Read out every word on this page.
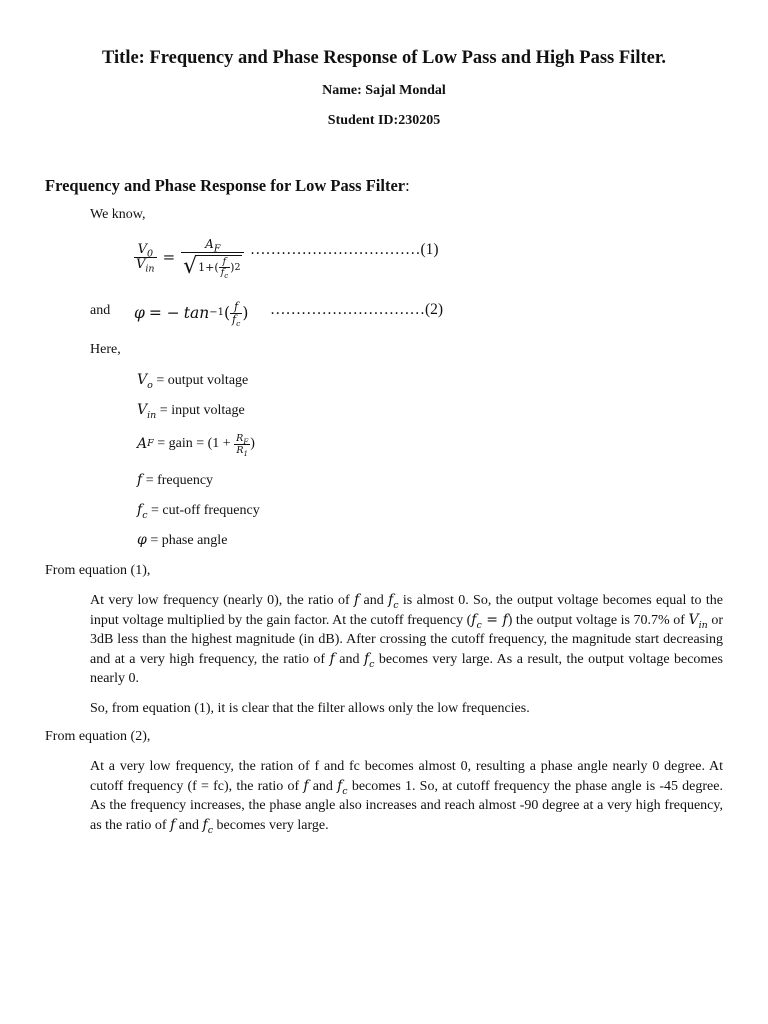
Title: Frequency and Phase Response of Low Pass and High Pass Filter.
Name: Sajal Mondal
Student ID:230205
Frequency and Phase Response for Low Pass Filter:
We know,
$\frac{V_0}{V_{in}}$ =
$A_F$
√ $1+( \frac{f}{f_c}$ ) 2
……………………………(1)
and φ = − tan −1 ( $\frac{f}{f_c}$ ) …………………………(2)
Here,
$V_o$ = output voltage
$V_{in}$ = input voltage
A F = gain = ($1 + \frac{R_F}{R_1}$ )
f = frequency
$f_c = cut-off$ frequency
φ = phase angle
From equation (1),
At very low frequency (nearly 0), the ratio of f and $f_c$ is almost 0. So, the output voltage becomes equal to the input voltage multiplied by the gain factor. At the cutoff frequency $(f_c = f)$ the output voltage is 70.7% of $V_{in}$ or 3dB less than the highest magnitude (in dB). After crossing the cutoff frequency, the magnitude start decreasing and at a very high frequency, the ratio of f and $f_c$ becomes very large. As a result, the output voltage becomes nearly 0.
So, from equation (1), it is clear that the filter allows only the low frequencies.
From equation (2),
At a very low frequency, the ration of f and fc becomes almost 0, resulting a phase angle nearly 0 degree. At cutoff frequency (f = fc), the ratio of f and $f_c$ becomes 1. So, at cutoff frequency the phase angle is -45 degree. As the frequency increases, the phase angle also increases and reach almost -90 degree at a very high frequency, as the ratio of f and $f_c$ becomes very large.
